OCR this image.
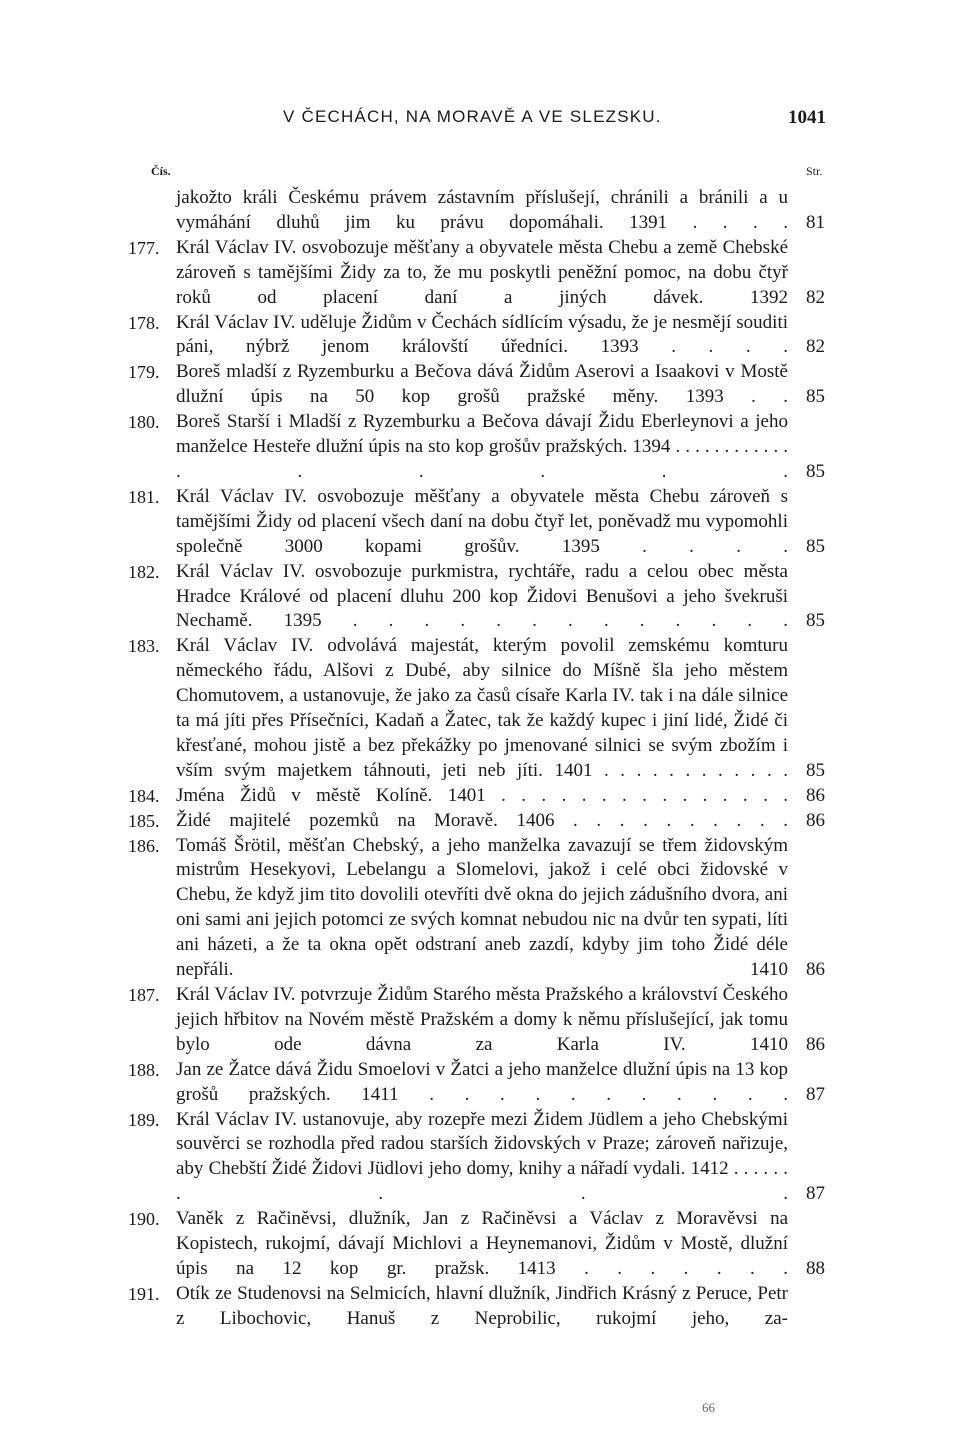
V ČECHÁCH, NA MORAVĚ A VE SLEZSKU.	1041
Čís.	Str.
jakožto králi Českému právem zástavním příslušejí, chránili a bránili a u vymáhání dluhů jim ku právu dopomáhali. 1391 . . . . 81
177. Král Václav IV. osvobozuje měšťany a obyvatele města Chebu a země Chebské zároveň s tamějšími Židy za to, že mu poskytli peněžní pomoc, na dobu čtyř roků od placení daní a jiných dávek. 1392 82
178. Král Václav IV. uděluje Židům v Čechách sídlícím výsadu, že je nesmějí souditi páni, nýbrž jenom královští úředníci. 1393 . . . . 82
179. Boreš mladší z Ryzemburku a Bečova dává Židům Aserovi a Isaakovi v Mostě dlužní úpis na 50 kop grošů pražské měny. 1393 . . 85
180. Boreš Starší i Mladší z Ryzemburku a Bečova dávají Židu Eberleynovi a jeho manželce Hesteře dlužní úpis na sto kop grošův pražských. 1394 . . . . . . . . . . . . . . . . . . 85
181. Král Václav IV. osvobozuje měšťany a obyvatele města Chebu zároveň s tamějšími Židy od placení všech daní na dobu čtyř let, poněvadž mu vypomohli společně 3000 kopami grošův. 1395 . . . . 85
182. Král Václav IV. osvobozuje purkmistra, rychtáře, radu a celou obec města Hradce Králové od placení dluhu 200 kop Židovi Benušovi a jeho švekruši Nechamě. 1395 . . . . . . . . . . . . . 85
183. Král Václav IV. odvolává majestát, kterým povolil zemskému komturu německého řádu, Alšovi z Dubé, aby silnice do Míšně šla jeho městem Chomutovem, a ustanovuje, že jako za časů císaře Karla IV. tak i na dále silnice ta má jíti přes Přísečníci, Kadaň a Žatec, tak že každý kupec i jiní lidé, Židé či křesťané, mohou jistě a bez překážky po jmenované silnici se svým zbožím i vším svým majetkem táhnouti, jeti neb jíti. 1401 . . . . . . . . . . . . 85
184. Jména Židů v městě Kolíně. 1401 . . . . . . . . . . . . . . . 86
185. Židé majitelé pozemků na Moravě. 1406 . . . . . . . . . . 86
186. Tomáš Šrötil, měšťan Chebský, a jeho manželka zavazují se třem židovským mistrům Hesekyovi, Lebelangu a Slomelovi, jakož i celé obci židovské v Chebu, že když jim tito dovolili otevříti dvě okna do jejich zádušního dvora, ani oni sami ani jejich potomci ze svých komnat nebudou nic na dvůr ten sypati, líti ani házeti, a že ta okna opět odstraní aneb zazdí, kdyby jim toho Židé déle nepřáli. 1410 86
187. Král Václav IV. potvrzuje Židům Starého města Pražského a království Českého jejich hřbitov na Novém městě Pražském a domy k němu příslušející, jak tomu bylo ode dávna za Karla IV. 1410 86
188. Jan ze Žatce dává Židu Smoelovi v Žatci a jeho manželce dlužní úpis na 13 kop grošů pražských. 1411 . . . . . . . . . . . 87
189. Král Václav IV. ustanovuje, aby rozepře mezi Židem Jüdlem a jeho Chebskými souvěrci se rozhodla před radou starších židovských v Praze; zároveň nařizuje, aby Chebští Židé Židovi Jüdlovi jeho domy, knihy a nářadí vydali. 1412 . . . . . . . . . . 87
190. Vaněk z Račiněvsi, dlužník, Jan z Račiněvsi a Václav z Moravěvsi na Kopistech, rukojmí, dávají Michlovi a Heynemanovi, Židům v Mostě, dlužní úpis na 12 kop gr. pražsk. 1413 . . . . . . . 88
191. Otík ze Studenovsi na Selmicích, hlavní dlužník, Jindřich Krásný z Peruce, Petr z Libochovic, Hanuš z Neprobilic, rukojmí jeho, za-
66
